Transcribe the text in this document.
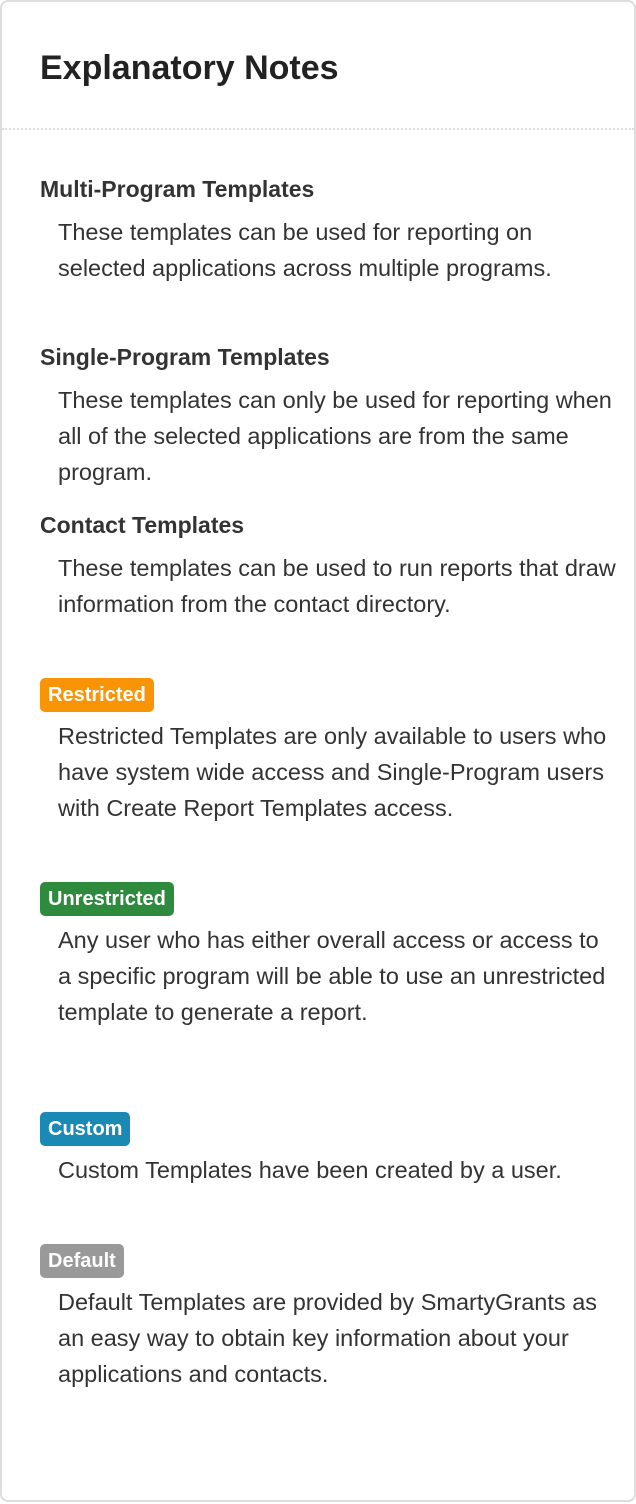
Explanatory Notes
Multi-Program Templates

These templates can be used for reporting on selected applications across multiple programs.

Single-Program Templates

These templates can only be used for reporting when all of the selected applications are from the same program.

Contact Templates

These templates can be used to run reports that draw information from the contact directory.

Restricted

Restricted Templates are only available to users who have system wide access and Single-Program users with Create Report Templates access.

Unrestricted

Any user who has either overall access or access to a specific program will be able to use an unrestricted template to generate a report.

Custom

Custom Templates have been created by a user.

Default

Default Templates are provided by SmartyGrants as an easy way to obtain key information about your applications and contacts.
